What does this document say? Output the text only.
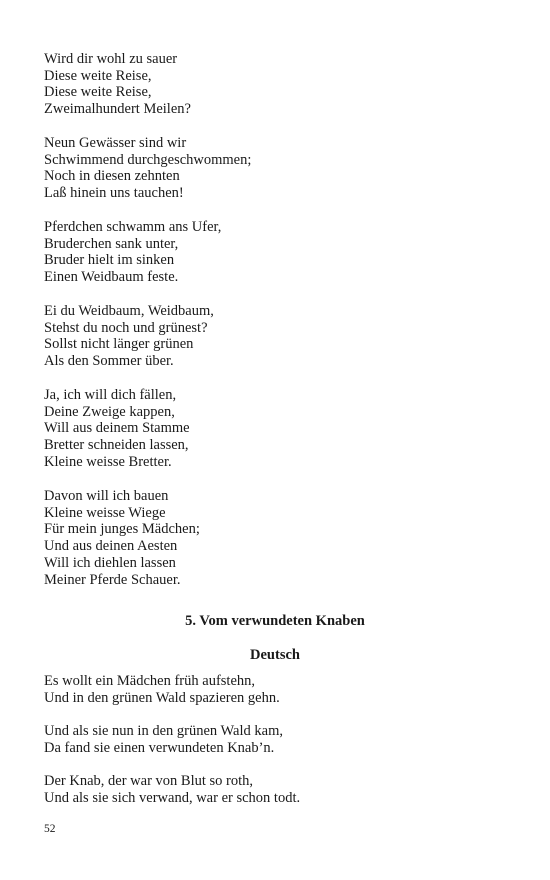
Wird dir wohl zu sauer
Diese weite Reise,
Diese weite Reise,
Zweimalhundert Meilen?
Neun Gewässer sind wir
Schwimmend durchgeschwommen;
Noch in diesen zehnten
Laß hinein uns tauchen!
Pferdchen schwamm ans Ufer,
Bruderchen sank unter,
Bruder hielt im sinken
Einen Weidbaum feste.
Ei du Weidbaum, Weidbaum,
Stehst du noch und grünest?
Sollst nicht länger grünen
Als den Sommer über.
Ja, ich will dich fällen,
Deine Zweige kappen,
Will aus deinem Stamme
Bretter schneiden lassen,
Kleine weisse Bretter.
Davon will ich bauen
Kleine weisse Wiege
Für mein junges Mädchen;
Und aus deinen Aesten
Will ich diehlen lassen
Meiner Pferde Schauer.
5. Vom verwundeten Knaben
Deutsch
Es wollt ein Mädchen früh aufstehn,
Und in den grünen Wald spazieren gehn.
Und als sie nun in den grünen Wald kam,
Da fand sie einen verwundeten Knab’n.
Der Knab, der war von Blut so roth,
Und als sie sich verwand, war er schon todt.
52
